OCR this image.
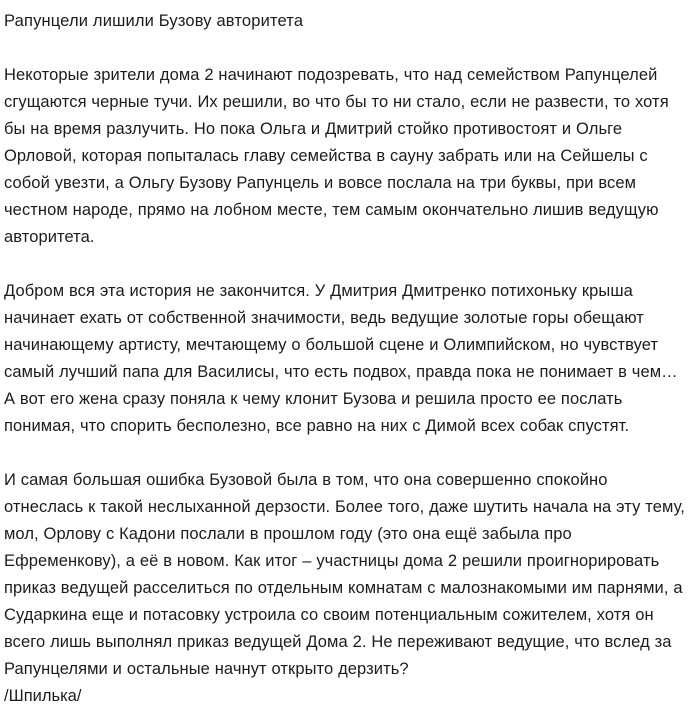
Рапунцели лишили Бузову авторитета

Некоторые зрители дома 2 начинают подозревать, что над семейством Рапунцелей сгущаются черные тучи. Их решили, во что бы то ни стало, если не развести, то хотя бы на время разлучить. Но пока Ольга и Дмитрий стойко противостоят и Ольге Орловой, которая попыталась главу семейства в сауну забрать или на Сейшелы с собой увезти, а Ольгу Бузову Рапунцель и вовсе послала на три буквы, при всем честном народе, прямо на лобном месте, тем самым окончательно лишив ведущую авторитета.

Добром вся эта история не закончится. У Дмитрия Дмитренко потихоньку крыша начинает ехать от собственной значимости, ведь ведущие золотые горы обещают начинающему артисту, мечтающему о большой сцене и Олимпийском, но чувствует самый лучший папа для Василисы, что есть подвох, правда пока не понимает в чем… А вот его жена сразу поняла к чему клонит Бузова и решила просто ее послать понимая, что спорить бесполезно, все равно на них с Димой всех собак спустят.

И самая большая ошибка Бузовой была в том, что она совершенно спокойно отнеслась к такой неслыханной дерзости. Более того, даже шутить начала на эту тему, мол, Орлову с Кадони послали в прошлом году (это она ещё забыла про Ефременкову), а её в новом. Как итог – участницы дома 2 решили проигнорировать приказ ведущей расселиться по отдельным комнатам с малознакомыми им парнями, а Сударкина еще и потасовку устроила со своим потенциальным сожителем, хотя он всего лишь выполнял приказ ведущей Дома 2. Не переживают ведущие, что вслед за Рапунцелями и остальные начнут открыто дерзить?

/Шпилька/
